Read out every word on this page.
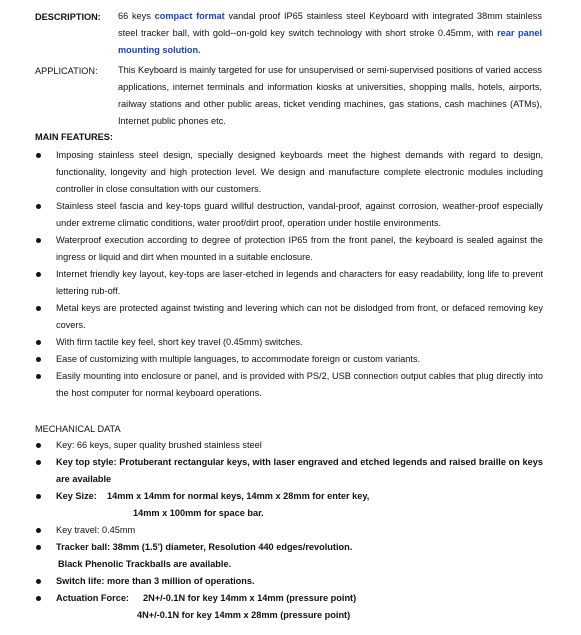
DESCRIPTION: 66 keys compact format vandal proof IP65 stainless steel Keyboard with integrated 38mm stainless steel tracker ball, with gold--on-gold key switch technology with short stroke 0.45mm, with rear panel mounting solution.
APPLICATION: This Keyboard is mainly targeted for use for unsupervised or semi-supervised positions of varied access applications, internet terminals and information kiosks at universities, shopping malls, hotels, airports, railway stations and other public areas, ticket vending machines, gas stations, cash machines (ATMs), Internet public phones etc.
MAIN FEATURES:
Imposing stainless steel design, specially designed keyboards meet the highest demands with regard to design, functionality, longevity and high protection level. We design and manufacture complete electronic modules including controller in close consultation with our customers.
Stainless steel fascia and key-tops guard willful destruction, vandal-proof, against corrosion, weather-proof especially under extreme climatic conditions, water proof/dirt proof, operation under hostile environments.
Waterproof execution according to degree of protection IP65 from the front panel, the keyboard is sealed against the ingress or liquid and dirt when mounted in a suitable enclosure.
Internet friendly key layout, key-tops are laser-etched in legends and characters for easy readability, long life to prevent lettering rub-off.
Metal keys are protected against twisting and levering which can not be dislodged from front, or defaced removing key covers.
With firm tactile key feel, short key travel (0.45mm) switches.
Ease of customizing with multiple languages, to accommodate foreign or custom variants.
Easily mounting into enclosure or panel, and is provided with PS/2, USB connection output cables that plug directly into the host computer for normal keyboard operations.
MECHANICAL DATA
Key: 66 keys, super quality brushed stainless steel
Key top style: Protuberant rectangular keys, with laser engraved and etched legends and raised braille on keys are available
Key Size:	14mm x 14mm for normal keys, 14mm x 28mm for enter key,
14mm x 100mm for space bar.
Key travel: 0.45mm
Tracker ball: 38mm (1.5') diameter, Resolution 440 edges/revolution.
Black Phenolic Trackballs are available.
Switch life: more than 3 million of operations.
Actuation Force:	2N+/-0.1N for key 14mm x 14mm (pressure point)
4N+/-0.1N for key 14mm x 28mm (pressure point)
